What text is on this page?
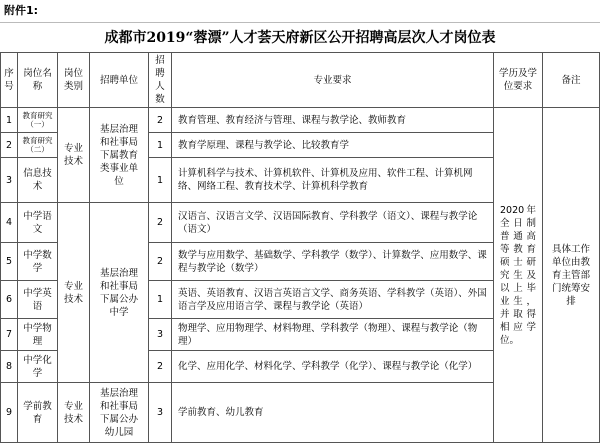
附件1:
成都市2019“蓉漂”人才荟天府新区公开招聘高层次人才岗位表
序号	岗位名称	岗位类别	招聘单位	招聘人数	专业要求	学历及学位要求	备注
1	教育研究（一）	专业技术	基层治理和社事局下属教育类事业单位	2	教育管理、教育经济与管理、课程与教学论、教师教育	2020年全日制普通高等教育硕士研究生及以上毕业生，并取得相应学位。	具体工作单位由教育主管部门统筹安排
2	教育研究（二）			1	教育学原理、课程与教学论、比较教育学		
3	信息技术			1	计算机科学与技术、计算机软件、计算机及应用、软件工程、计算机网络、网络工程、教育技术学、计算机科学教育		
4	中学语文	专业技术	基层治理和社事局下属公办中学	2	汉语言、汉语言文学、汉语国际教育、学科教学（语文）、课程与教学论（语文）		
5	中学数学			2	数学与应用数学、基础数学、学科教学（数学）、计算数学、应用数学、课程与教学论（数学）		
6	中学英语			1	英语、英语教育、汉语言英语言文学、商务英语、学科教学（英语）、外国语言学及应用语言学、课程与教学论（英语）		
7	中学物理			3	物理学、应用物理学、材料物理、学科教学（物理）、课程与教学论（物理）		
8	中学化学			2	化学、应用化学、材料化学、学科教学（化学）、课程与教学论（化学）		
9	学前教育	专业技术	基层治理和社事局下属公办幼儿园	3	学前教育、幼儿教育		
